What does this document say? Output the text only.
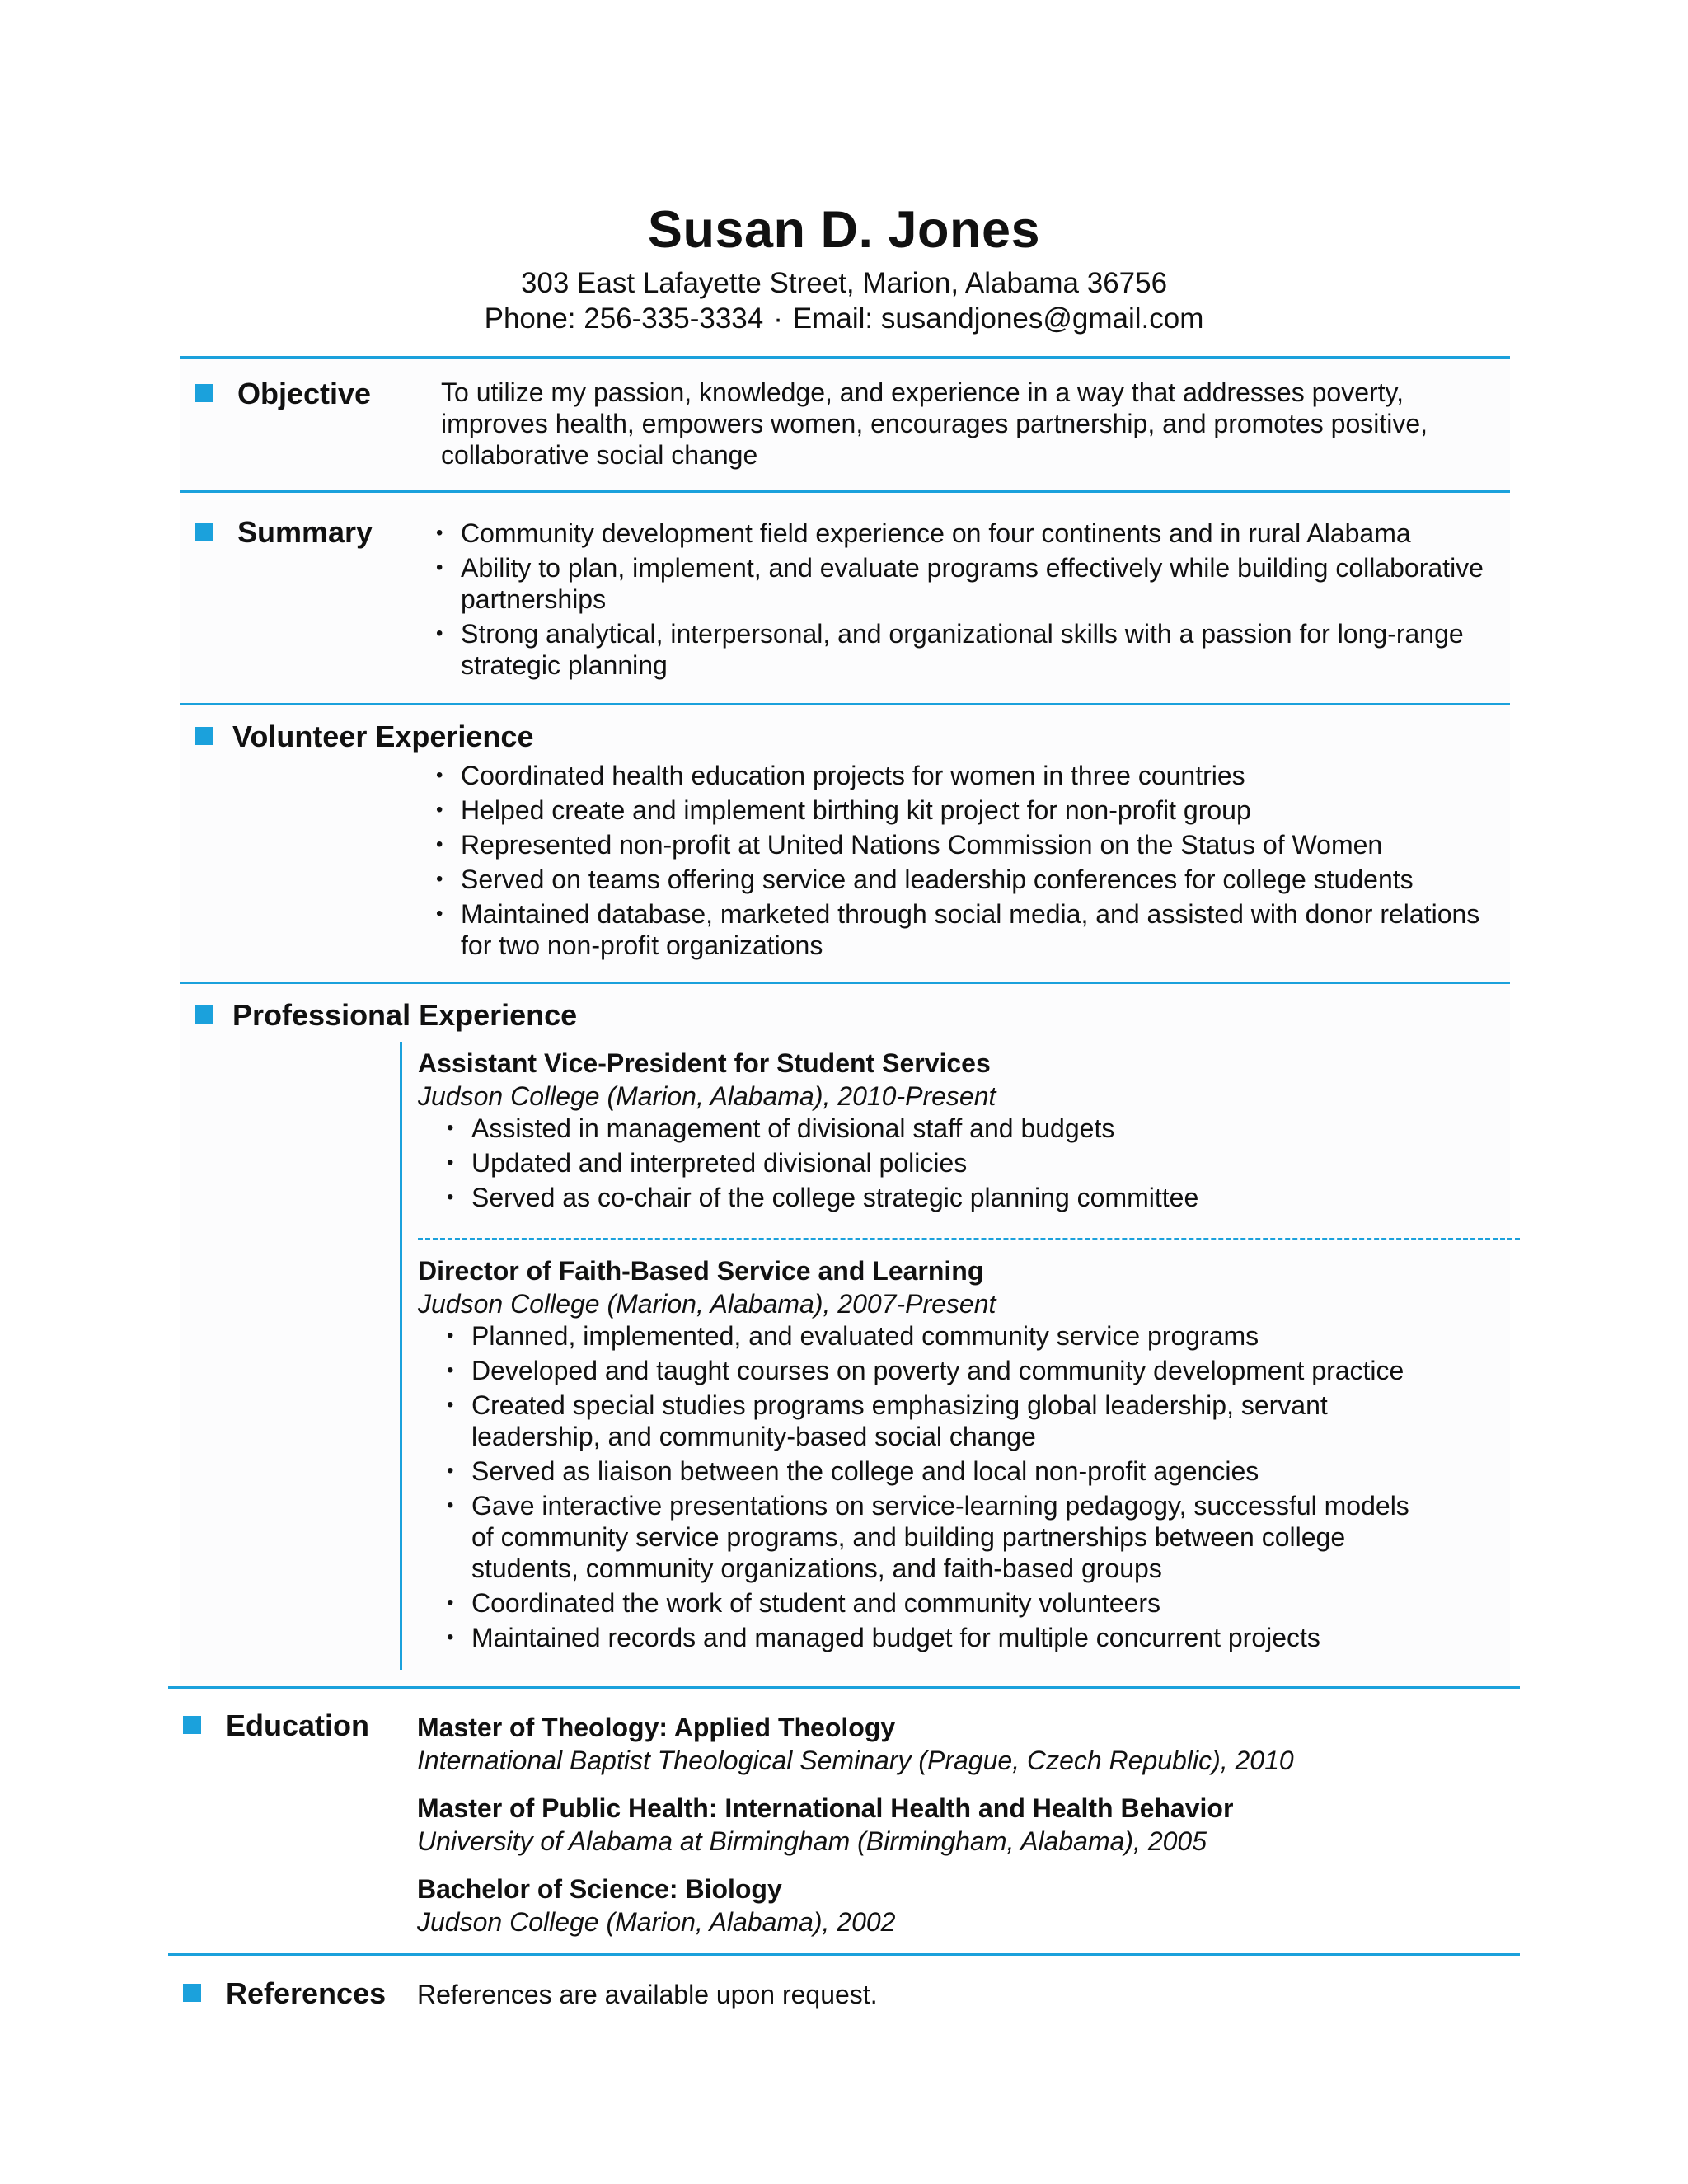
Susan D. Jones
303 East Lafayette Street, Marion, Alabama 36756
Phone: 256-335-3334 · Email: susandjones@gmail.com
Objective	To utilize my passion, knowledge, and experience in a way that addresses poverty, improves health, empowers women, encourages partnership, and promotes positive, collaborative social change
Summary
•	Community development field experience on four continents and in rural Alabama
• Ability to plan, implement, and evaluate programs effectively while building collaborative partnerships
• Strong analytical, interpersonal, and organizational skills with a passion for long-range strategic planning
Volunteer Experience
• Coordinated health education projects for women in three countries
• Helped create and implement birthing kit project for non-profit group
• Represented non-profit at United Nations Commission on the Status of Women
• Served on teams offering service and leadership conferences for college students
• Maintained database, marketed through social media, and assisted with donor relations for two non-profit organizations
Professional Experience
Assistant Vice-President for Student Services
Judson College (Marion, Alabama), 2010-Present
• Assisted in management of divisional staff and budgets
• Updated and interpreted divisional policies
• Served as co-chair of the college strategic planning committee
Director of Faith-Based Service and Learning
Judson College (Marion, Alabama), 2007-Present
• Planned, implemented, and evaluated community service programs
• Developed and taught courses on poverty and community development practice
• Created special studies programs emphasizing global leadership, servant leadership, and community-based social change
• Served as liaison between the college and local non-profit agencies
• Gave interactive presentations on service-learning pedagogy, successful models of community service programs, and building partnerships between college students, community organizations, and faith-based groups
• Coordinated the work of student and community volunteers
• Maintained records and managed budget for multiple concurrent projects
Education Master of Theology: Applied Theology
International Baptist Theological Seminary (Prague, Czech Republic), 2010
Master of Public Health: International Health and Health Behavior
University of Alabama at Birmingham (Birmingham, Alabama), 2005
Bachelor of Science: Biology
Judson College (Marion, Alabama), 2002
References References are available upon request.
